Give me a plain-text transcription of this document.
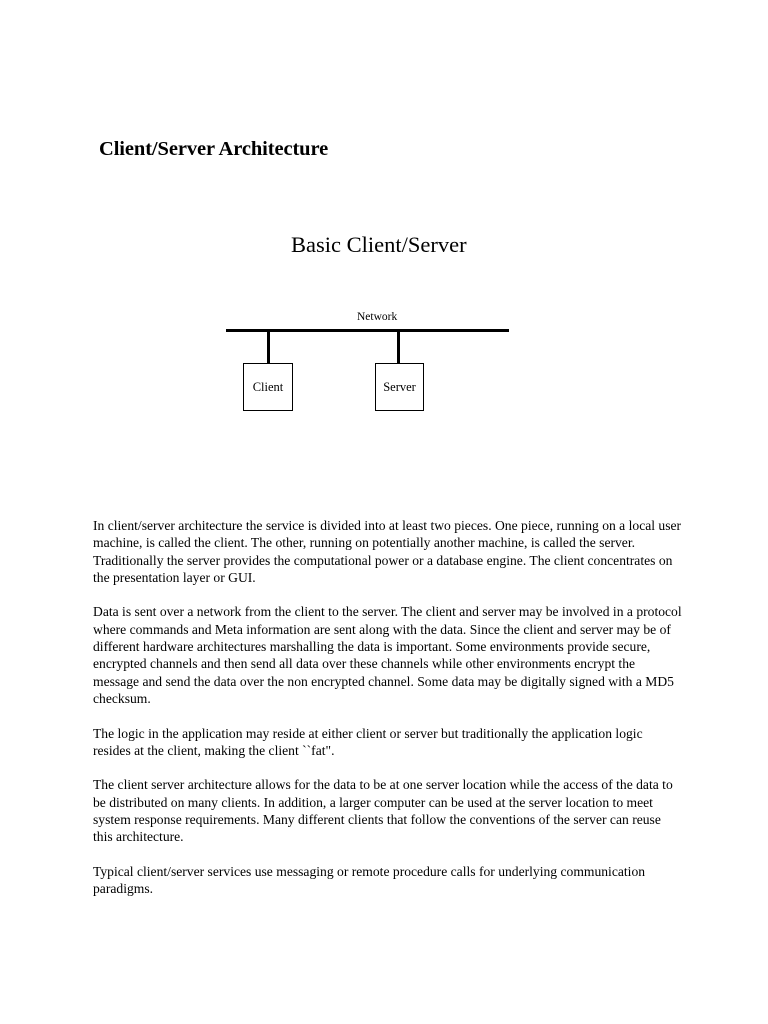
Client/Server Architecture
Basic Client/Server
Network
Client	Server

In client/server architecture the service is divided into at least two pieces. One piece, running on a local user machine, is called the client. The other, running on potentially another machine, is called the server. Traditionally the server provides the computational power or a database engine. The client concentrates on the presentation layer or GUI.

Data is sent over a network from the client to the server. The client and server may be involved in a protocol where commands and Meta information are sent along with the data. Since the client and server may be of different hardware architectures marshalling the data is important. Some environments provide secure, encrypted channels and then send all data over these channels while other environments encrypt the message and send the data over the non encrypted channel. Some data may be digitally signed with a MD5 checksum.

The logic in the application may reside at either client or server but traditionally the application logic resides at the client, making the client ``fat".

The client server architecture allows for the data to be at one server location while the access of the data to be distributed on many clients. In addition, a larger computer can be used at the server location to meet system response requirements. Many different clients that follow the conventions of the server can reuse this architecture.

Typical client/server services use messaging or remote procedure calls for underlying communication paradigms.
